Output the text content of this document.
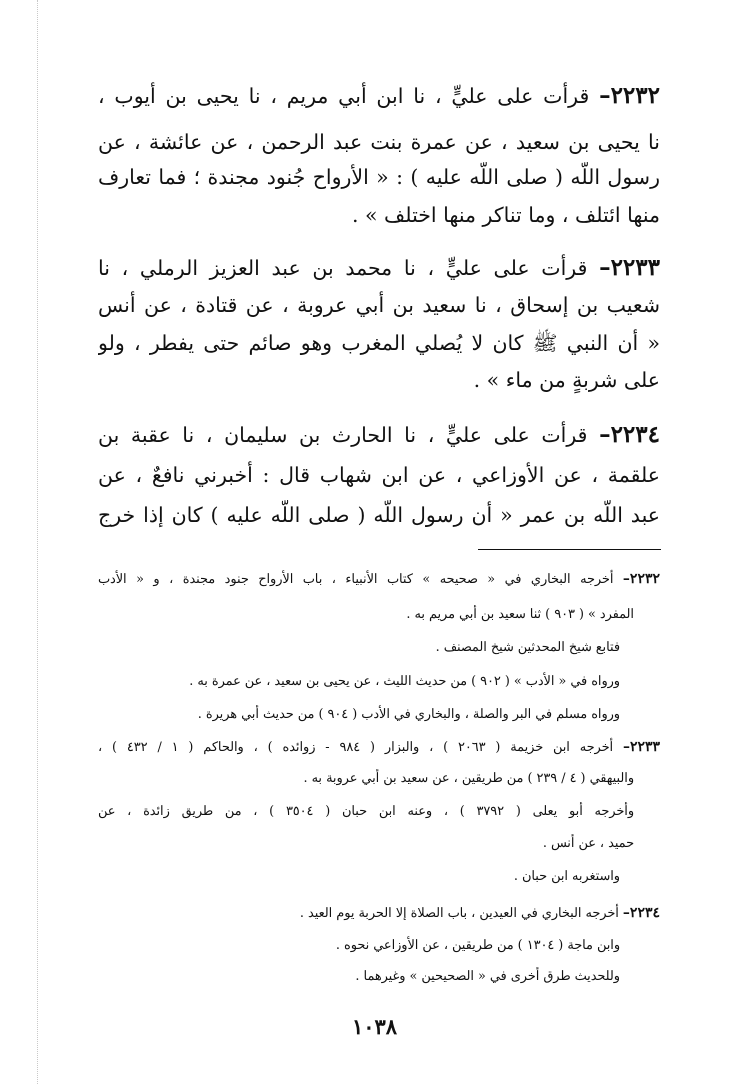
٢٢٣٢– قرأت على عليٍّ ، نا ابن أبي مريم ، نا يحيى بن أيوب ،
نا يحيى بن سعيد ، عن عمرة بنت عبد الرحمن ، عن عائشة ، عن
رسول اللّه ( صلى اللّه عليه ) : « الأرواح جُنود مجندة ؛ فما تعارف
منها ائتلف ، وما تناكر منها اختلف » .
٢٢٣٣– قرأت على عليٍّ ، نا محمد بن عبد العزيز الرملي ، نا
شعيب بن إسحاق ، نا سعيد بن أبي عروبة ، عن قتادة ، عن أنس
« أن النبي ﷺ كان لا يُصلي المغرب وهو صائم حتى يفطر ، ولو
على شربةٍ من ماء » .
٢٢٣٤– قرأت على عليٍّ ، نا الحارث بن سليمان ، نا عقبة بن
علقمة ، عن الأوزاعي ، عن ابن شهاب قال : أخبرني نافعٌ ، عن
عبد اللّه بن عمر « أن رسول اللّه ( صلى اللّه عليه ) كان إذا خرج
٢٢٣٢– أخرجه البخاري في « صحيحه » كتاب الأنبياء ، باب الأرواح جنود مجندة ، و « الأدب
المفرد » ( ٩٠٣ ) ثنا سعيد بن أبي مريم به .
فتابع شيخ المحدثين شيخ المصنف .
ورواه في « الأدب » ( ٩٠٢ ) من حديث الليث ، عن يحيى بن سعيد ، عن عمرة به .
ورواه مسلم في البر والصلة ، والبخاري في الأدب ( ٩٠٤ ) من حديث أبي هريرة .
٢٢٣٣– أخرجه ابن خزيمة ( ٢٠٦٣ ) ، والبزار ( ٩٨٤ - زوائده ) ، والحاكم ( ١ / ٤٣٢ ) ،
والبيهقي ( ٤ / ٢٣٩ ) من طريقين ، عن سعيد بن أبي عروبة به .
وأخرجه أبو يعلى ( ٣٧٩٢ ) ، وعنه ابن حبان ( ٣٥٠٤ ) ، من طريق زائدة ، عن
حميد ، عن أنس .
واستغربه ابن حبان .
٢٢٣٤– أخرجه البخاري في العيدين ، باب الصلاة إلا الحربة يوم العيد .
وابن ماجة ( ١٣٠٤ ) من طريقين ، عن الأوزاعي نحوه .
وللحديث طرق أخرى في « الصحيحين » وغيرهما .
١٠٣٨
